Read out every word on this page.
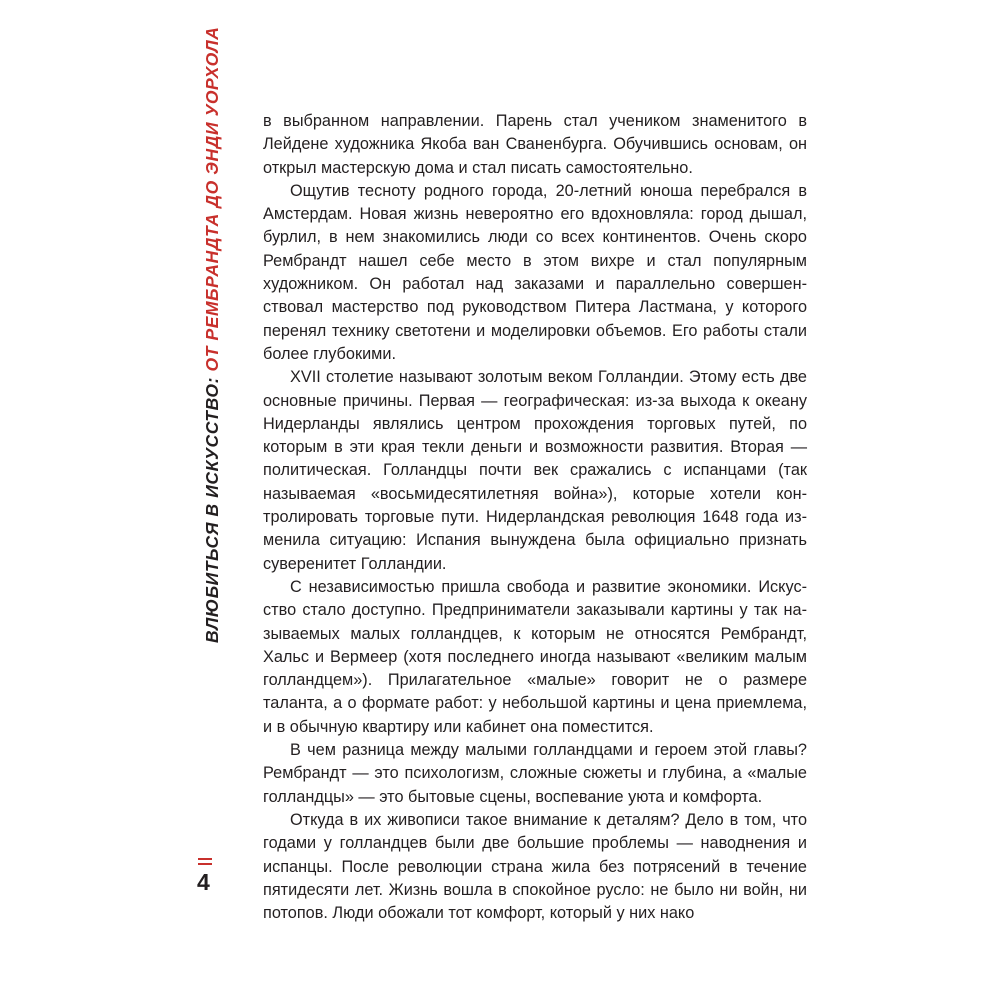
ВЛЮБИТЬСЯ В ИСКУССТВО: ОТ РЕМБРАНДТА ДО ЭНДИ УОРХОЛА
4

в выбранном направлении. Парень стал учеником знаменитого в Лейдене художника Якоба ван Сваненбурга. Обучившись основам, он открыл мастерскую дома и стал писать самостоятельно.

Ощутив тесноту родного города, 20-летний юноша перебрался в Амстердам. Новая жизнь невероятно его вдохновляла: город дышал, бурлил, в нем знакомились люди со всех континентов. Очень скоро Рембрандт нашел себе место в этом вихре и стал популярным художником. Он работал над заказами и параллельно совершенствовал мастерство под руководством Питера Ластмана, у которого перенял технику светотени и моделировки объемов. Его работы стали более глубокими.

XVII столетие называют золотым веком Голландии. Этому есть две основные причины. Первая — географическая: из-за выхода к океану Нидерланды являлись центром прохождения торговых путей, по которым в эти края текли деньги и возможности развития. Вторая — политическая. Голландцы почти век сражались с испанцами (так называемая «восьмидесятилетняя война»), которые хотели контролировать торговые пути. Нидерландская революция 1648 года изменила ситуацию: Испания вынуждена была официально признать суверенитет Голландии.

С независимостью пришла свобода и развитие экономики. Искусство стало доступно. Предприниматели заказывали картины у так называемых малых голландцев, к которым не относятся Рембрандт, Хальс и Вермеер (хотя последнего иногда называют «великим малым голландцем»). Прилагательное «малые» говорит не о размере таланта, а о формате работ: у небольшой картины и цена приемлема, и в обычную квартиру или кабинет она поместится.

В чем разница между малыми голландцами и героем этой главы? Рембрандт — это психологизм, сложные сюжеты и глубина, а «малые голландцы» — это бытовые сцены, воспевание уюта и комфорта.

Откуда в их живописи такое внимание к деталям? Дело в том, что годами у голландцев были две большие проблемы — наводнения и испанцы. После революции страна жила без потрясений в течение пятидесяти лет. Жизнь вошла в спокойное русло: не было ни войн, ни потопов. Люди обожали тот комфорт, который у них нако
